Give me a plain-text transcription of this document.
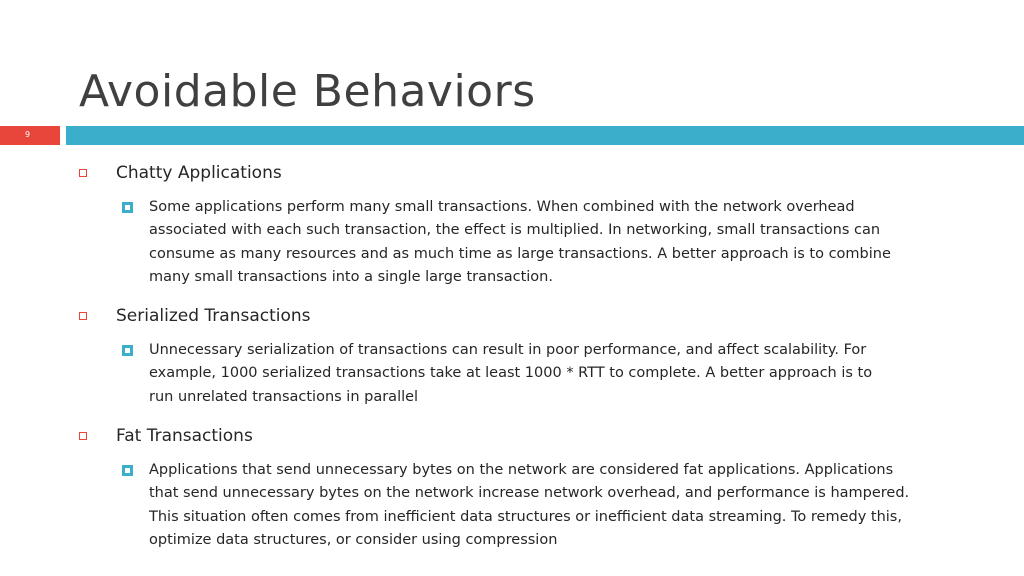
Avoidable Behaviors
9
Chatty Applications
Some applications perform many small transactions. When combined with the network overhead
associated with each such transaction, the effect is multiplied. In networking, small transactions can
consume as many resources and as much time as large transactions. A better approach is to combine
many small transactions into a single large transaction.
Serialized Transactions
Unnecessary serialization of transactions can result in poor performance, and affect scalability. For
example, 1000 serialized transactions take at least 1000 * RTT to complete. A better approach is to
run unrelated transactions in parallel
Fat Transactions
Applications that send unnecessary bytes on the network are considered fat applications. Applications
that send unnecessary bytes on the network increase network overhead, and performance is hampered.
This situation often comes from inefficient data structures or inefficient data streaming. To remedy this,
optimize data structures, or consider using compression
